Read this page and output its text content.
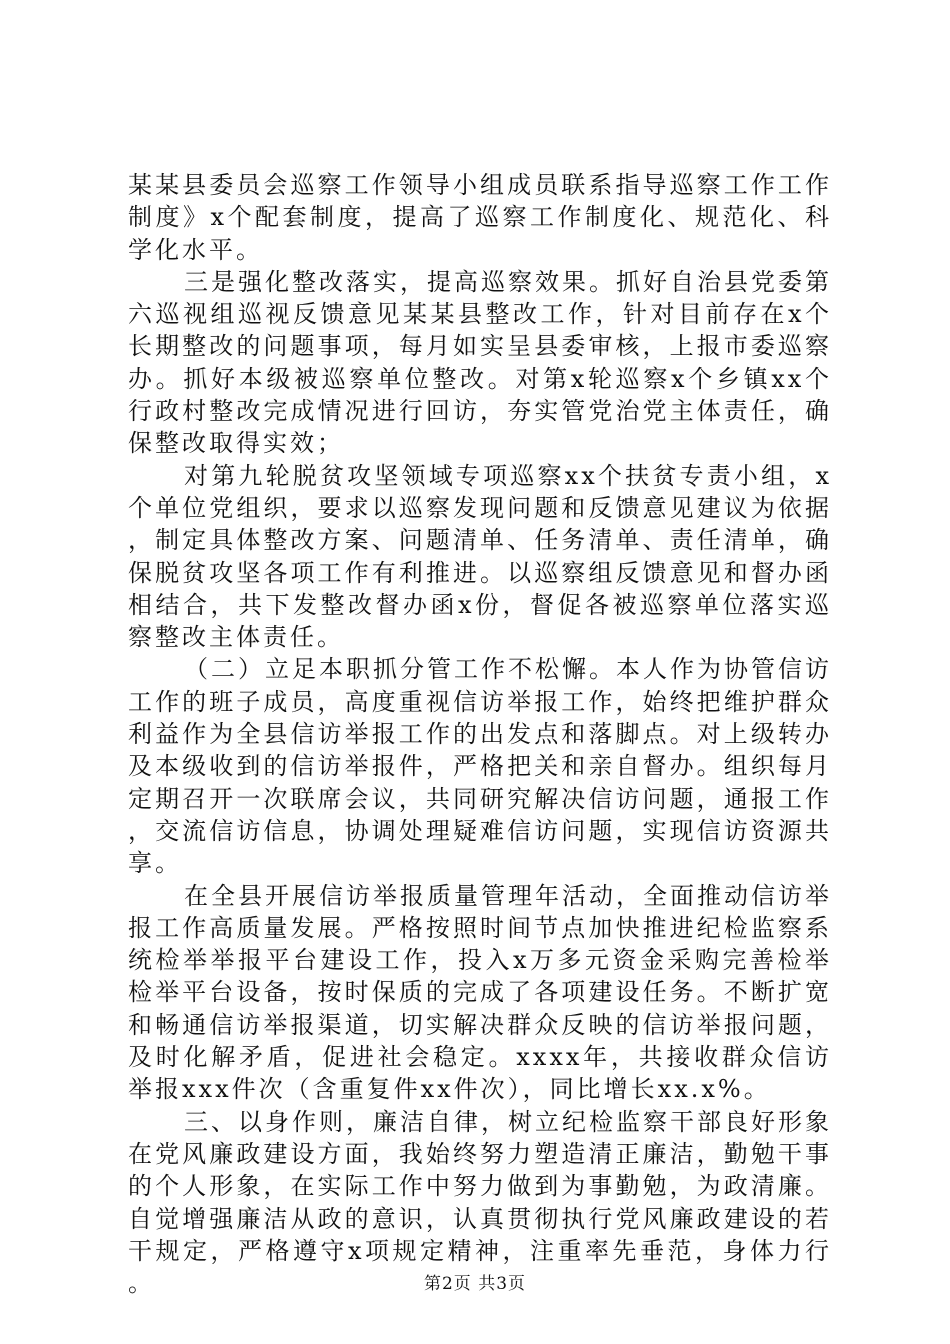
某某县委员会巡察工作领导小组成员联系指导巡察工作工作制度》x个配套制度，提高了巡察工作制度化、规范化、科学化水平。

三是强化整改落实，提高巡察效果。抓好自治县党委第六巡视组巡视反馈意见某某县整改工作，针对目前存在x个长期整改的问题事项，每月如实呈县委审核，上报市委巡察办。抓好本级被巡察单位整改。对第x轮巡察x个乡镇xx个行政村整改完成情况进行回访，夯实管党治党主体责任，确保整改取得实效；

对第九轮脱贫攻坚领域专项巡察xx个扶贫专责小组，x个单位党组织，要求以巡察发现问题和反馈意见建议为依据，制定具体整改方案、问题清单、任务清单、责任清单，确保脱贫攻坚各项工作有利推进。以巡察组反馈意见和督办函相结合，共下发整改督办函x份，督促各被巡察单位落实巡察整改主体责任。

（二）立足本职抓分管工作不松懈。本人作为协管信访工作的班子成员，高度重视信访举报工作，始终把维护群众利益作为全县信访举报工作的出发点和落脚点。对上级转办及本级收到的信访举报件，严格把关和亲自督办。组织每月定期召开一次联席会议，共同研究解决信访问题，通报工作，交流信访信息，协调处理疑难信访问题，实现信访资源共享。

在全县开展信访举报质量管理年活动，全面推动信访举报工作高质量发展。严格按照时间节点加快推进纪检监察系统检举举报平台建设工作，投入x万多元资金采购完善检举检举平台设备，按时保质的完成了各项建设任务。不断扩宽和畅通信访举报渠道，切实解决群众反映的信访举报问题，及时化解矛盾，促进社会稳定。xxxx年，共接收群众信访举报xxx件次（含重复件xx件次），同比增长xx.x%。

三、以身作则，廉洁自律，树立纪检监察干部良好形象在党风廉政建设方面，我始终努力塑造清正廉洁，勤勉干事的个人形象，在实际工作中努力做到为事勤勉，为政清廉。自觉增强廉洁从政的意识，认真贯彻执行党风廉政建设的若干规定，严格遵守x项规定精神，注重率先垂范，身体力行。	第2页 共3页
